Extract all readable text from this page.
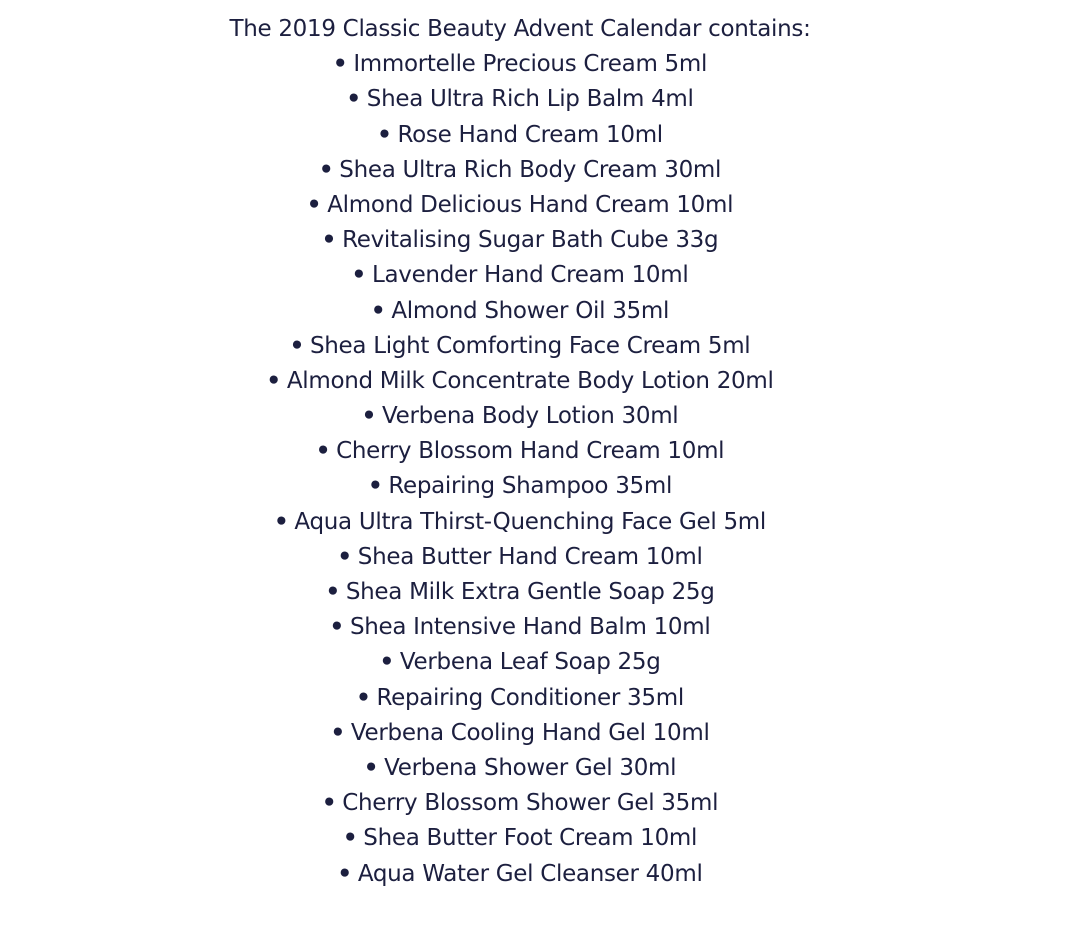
The 2019 Classic Beauty Advent Calendar contains:
• Immortelle Precious Cream 5ml
• Shea Ultra Rich Lip Balm 4ml
• Rose Hand Cream 10ml
• Shea Ultra Rich Body Cream 30ml
• Almond Delicious Hand Cream 10ml
• Revitalising Sugar Bath Cube 33g
• Lavender Hand Cream 10ml
• Almond Shower Oil 35ml
• Shea Light Comforting Face Cream 5ml
• Almond Milk Concentrate Body Lotion 20ml
• Verbena Body Lotion 30ml
• Cherry Blossom Hand Cream 10ml
• Repairing Shampoo 35ml
• Aqua Ultra Thirst-Quenching Face Gel 5ml
• Shea Butter Hand Cream 10ml
• Shea Milk Extra Gentle Soap 25g
• Shea Intensive Hand Balm 10ml
• Verbena Leaf Soap 25g
• Repairing Conditioner 35ml
• Verbena Cooling Hand Gel 10ml
• Verbena Shower Gel 30ml
• Cherry Blossom Shower Gel 35ml
• Shea Butter Foot Cream 10ml
• Aqua Water Gel Cleanser 40ml
